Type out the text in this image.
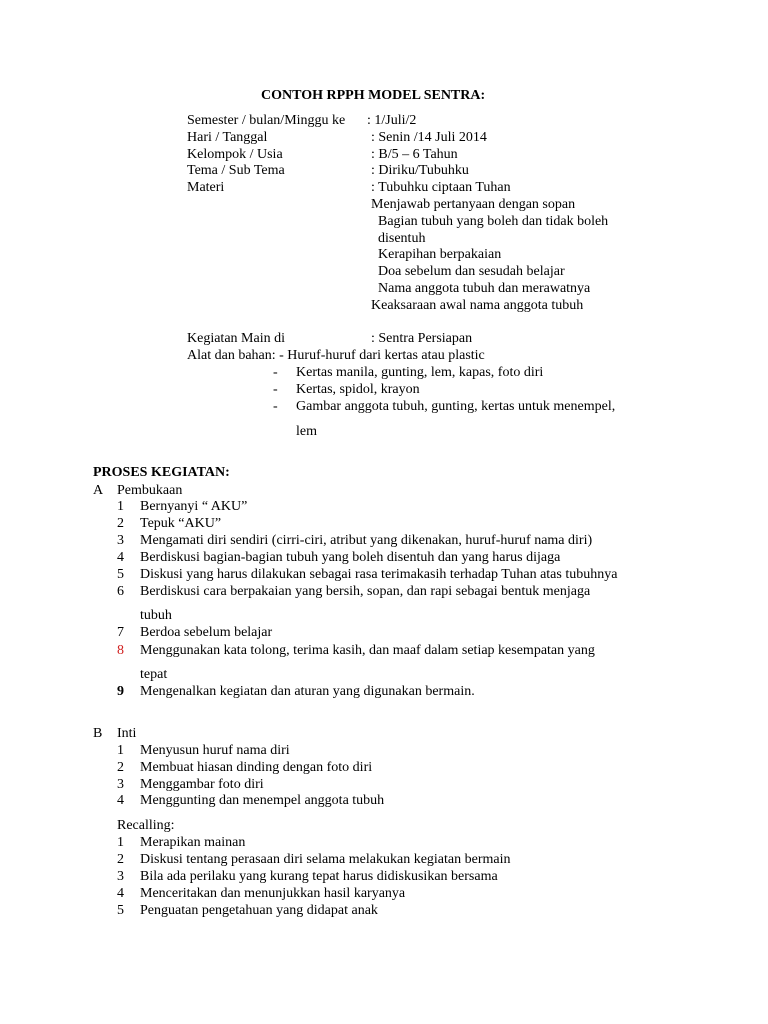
CONTOH RPPH MODEL SENTRA:
Semester / bulan/Minggu ke : 1/Juli/2
Hari / Tanggal	: Senin /14 Juli 2014
Kelompok / Usia	: B/5 – 6 Tahun
Tema / Sub Tema	: Diriku/Tubuhku
Materi	: Tubuhku ciptaan Tuhan
Menjawab pertanyaan dengan sopan
Bagian tubuh yang boleh dan tidak boleh
disentuh
Kerapihan berpakaian
Doa sebelum dan sesudah belajar
Nama anggota tubuh dan merawatnya
Keaksaraan awal nama anggota tubuh
Kegiatan Main di	: Sentra Persiapan
Alat dan bahan: - Huruf-huruf dari kertas atau plastic
- Kertas manila, gunting, lem, kapas, foto diri
- Kertas, spidol, krayon
- Gambar anggota tubuh, gunting, kertas untuk menempel,
lem
PROSES KEGIATAN:
A Pembukaan
1 Bernyanyi “ AKU”
2 Tepuk “AKU”
3 Mengamati diri sendiri (cirri-ciri, atribut yang dikenakan, huruf-huruf nama diri)
4 Berdiskusi bagian-bagian tubuh yang boleh disentuh dan yang harus dijaga
5 Diskusi yang harus dilakukan sebagai rasa terimakasih terhadap Tuhan atas tubuhnya
6 Berdiskusi cara berpakaian yang bersih, sopan, dan rapi sebagai bentuk menjaga
tubuh
7 Berdoa sebelum belajar
8 Menggunakan kata tolong, terima kasih, dan maaf dalam setiap kesempatan yang
tepat
9 Mengenalkan kegiatan dan aturan yang digunakan bermain.
B Inti
1 Menyusun huruf nama diri
2 Membuat hiasan dinding dengan foto diri
3 Menggambar foto diri
4 Menggunting dan menempel anggota tubuh
Recalling:
1 Merapikan mainan
2 Diskusi tentang perasaan diri selama melakukan kegiatan bermain
3 Bila ada perilaku yang kurang tepat harus didiskusikan bersama
4 Menceritakan dan menunjukkan hasil karyanya
5 Penguatan pengetahuan yang didapat anak
